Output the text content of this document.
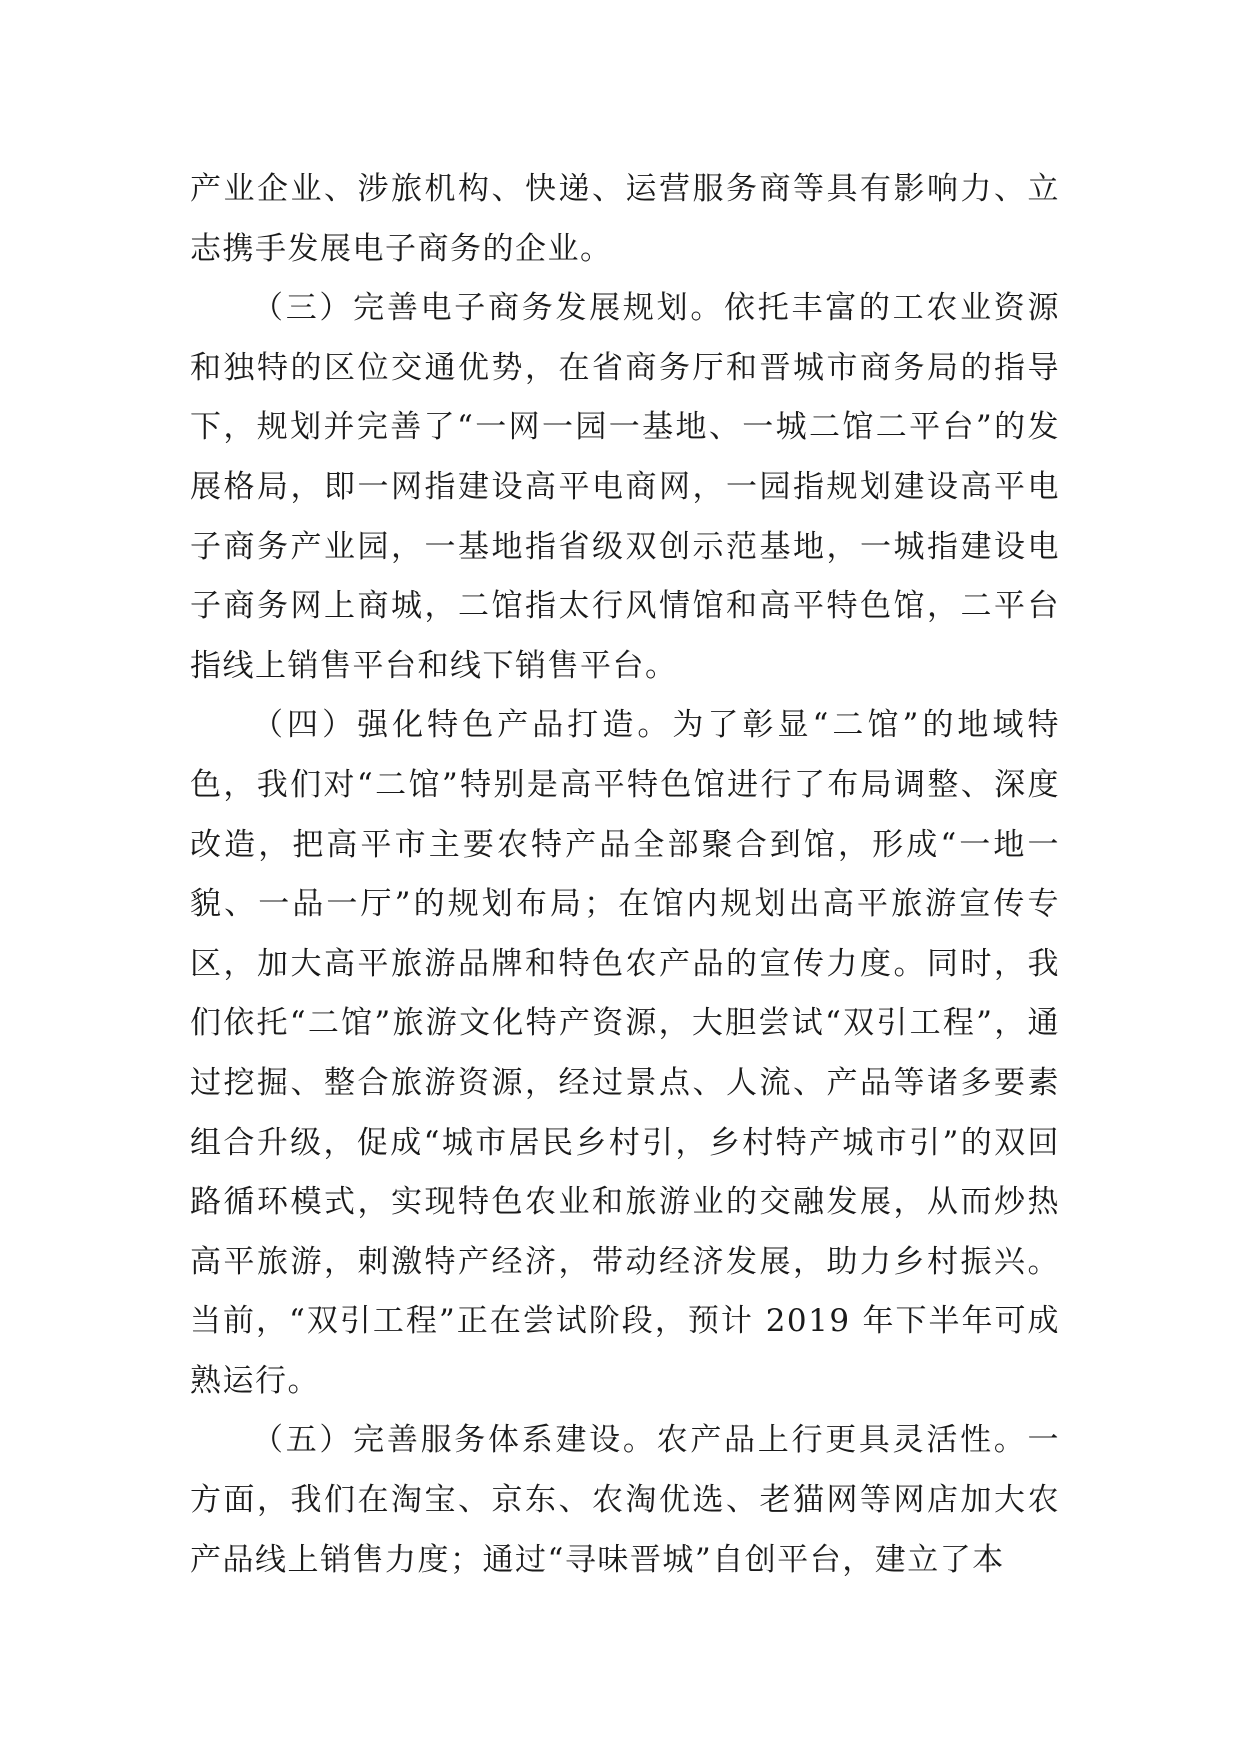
产业企业、涉旅机构、快递、运营服务商等具有影响力、立志携手发展电子商务的企业。

（三）完善电子商务发展规划。依托丰富的工农业资源和独特的区位交通优势，在省商务厅和晋城市商务局的指导下，规划并完善了“一网一园一基地、一城二馆二平台”的发展格局，即一网指建设高平电商网，一园指规划建设高平电子商务产业园，一基地指省级双创示范基地，一城指建设电子商务网上商城，二馆指太行风情馆和高平特色馆，二平台指线上销售平台和线下销售平台。

（四）强化特色产品打造。为了彰显“二馆”的地域特色，我们对“二馆”特别是高平特色馆进行了布局调整、深度改造，把高平市主要农特产品全部聚合到馆，形成“一地一貌、一品一厅”的规划布局；在馆内规划出高平旅游宣传专区，加大高平旅游品牌和特色农产品的宣传力度。同时，我们依托“二馆”旅游文化特产资源，大胆尝试“双引工程”，通过挖掘、整合旅游资源，经过景点、人流、产品等诸多要素组合升级，促成“城市居民乡村引，乡村特产城市引”的双回路循环模式，实现特色农业和旅游业的交融发展，从而炒热高平旅游，刺激特产经济，带动经济发展，助力乡村振兴。当前，“双引工程”正在尝试阶段，预计 2019 年下半年可成熟运行。

（五）完善服务体系建设。农产品上行更具灵活性。一方面，我们在淘宝、京东、农淘优选、老猫网等网店加大农产品线上销售力度；通过“寻味晋城”自创平台，建立了本
